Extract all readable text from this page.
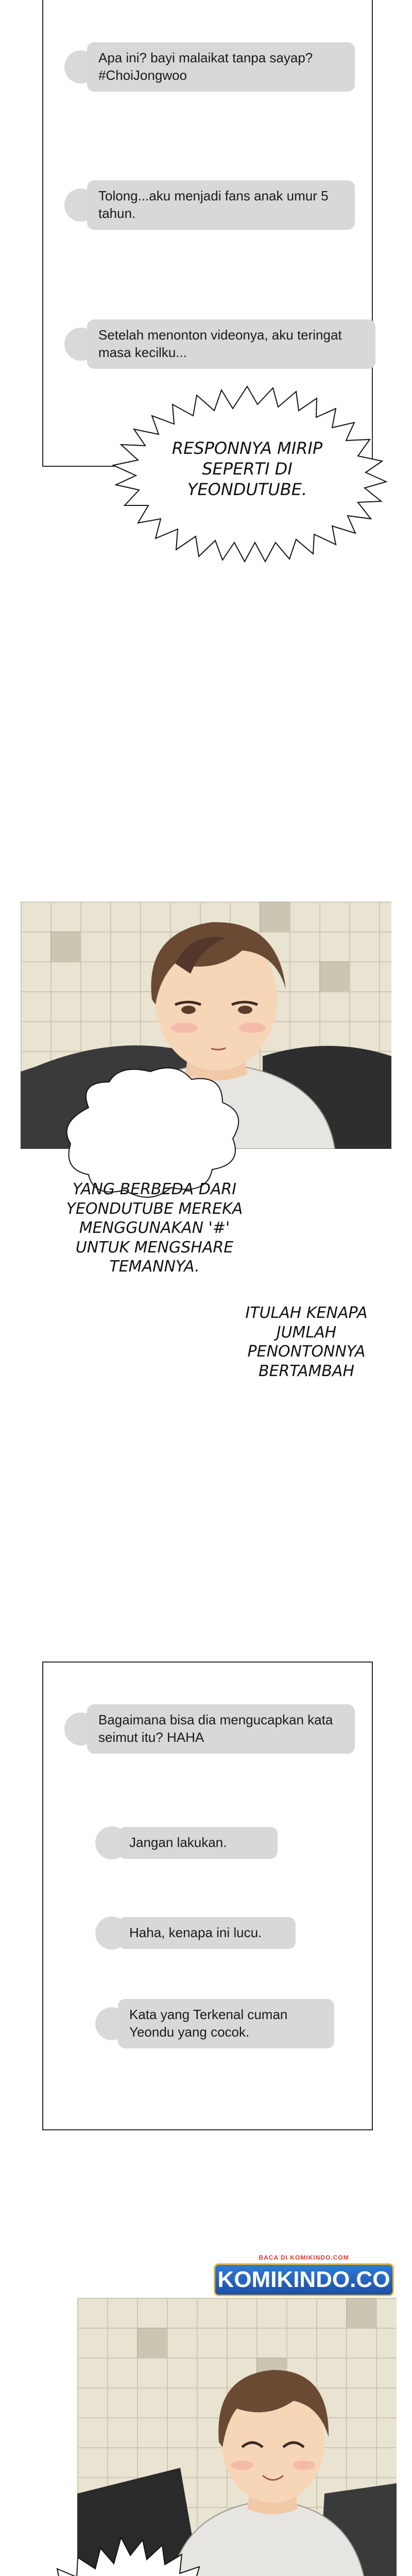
Apa ini? bayi malaikat tanpa sayap? #ChoiJongwoo
Tolong...aku menjadi fans anak umur 5 tahun.
Setelah menonton videonya, aku teringat masa kecilku...
RESPONNYA MIRIP SEPERTI DI YEONDUTUBE.
YANG BERBEDA DARI YEONDUTUBE MEREKA MENGGUNAKAN '#' UNTUK MENGSHARE TEMANNYA.
ITULAH KENAPA JUMLAH PENONTONNYA BERTAMBAH
Bagaimana bisa dia mengucapkan kata seimut itu? HAHA
Jangan lakukan.
Haha, kenapa ini lucu.
Kata yang Terkenal cuman Yeondu yang cocok.
BACA DI KOMIKINDO.COM
KOMIKINDO.CO
